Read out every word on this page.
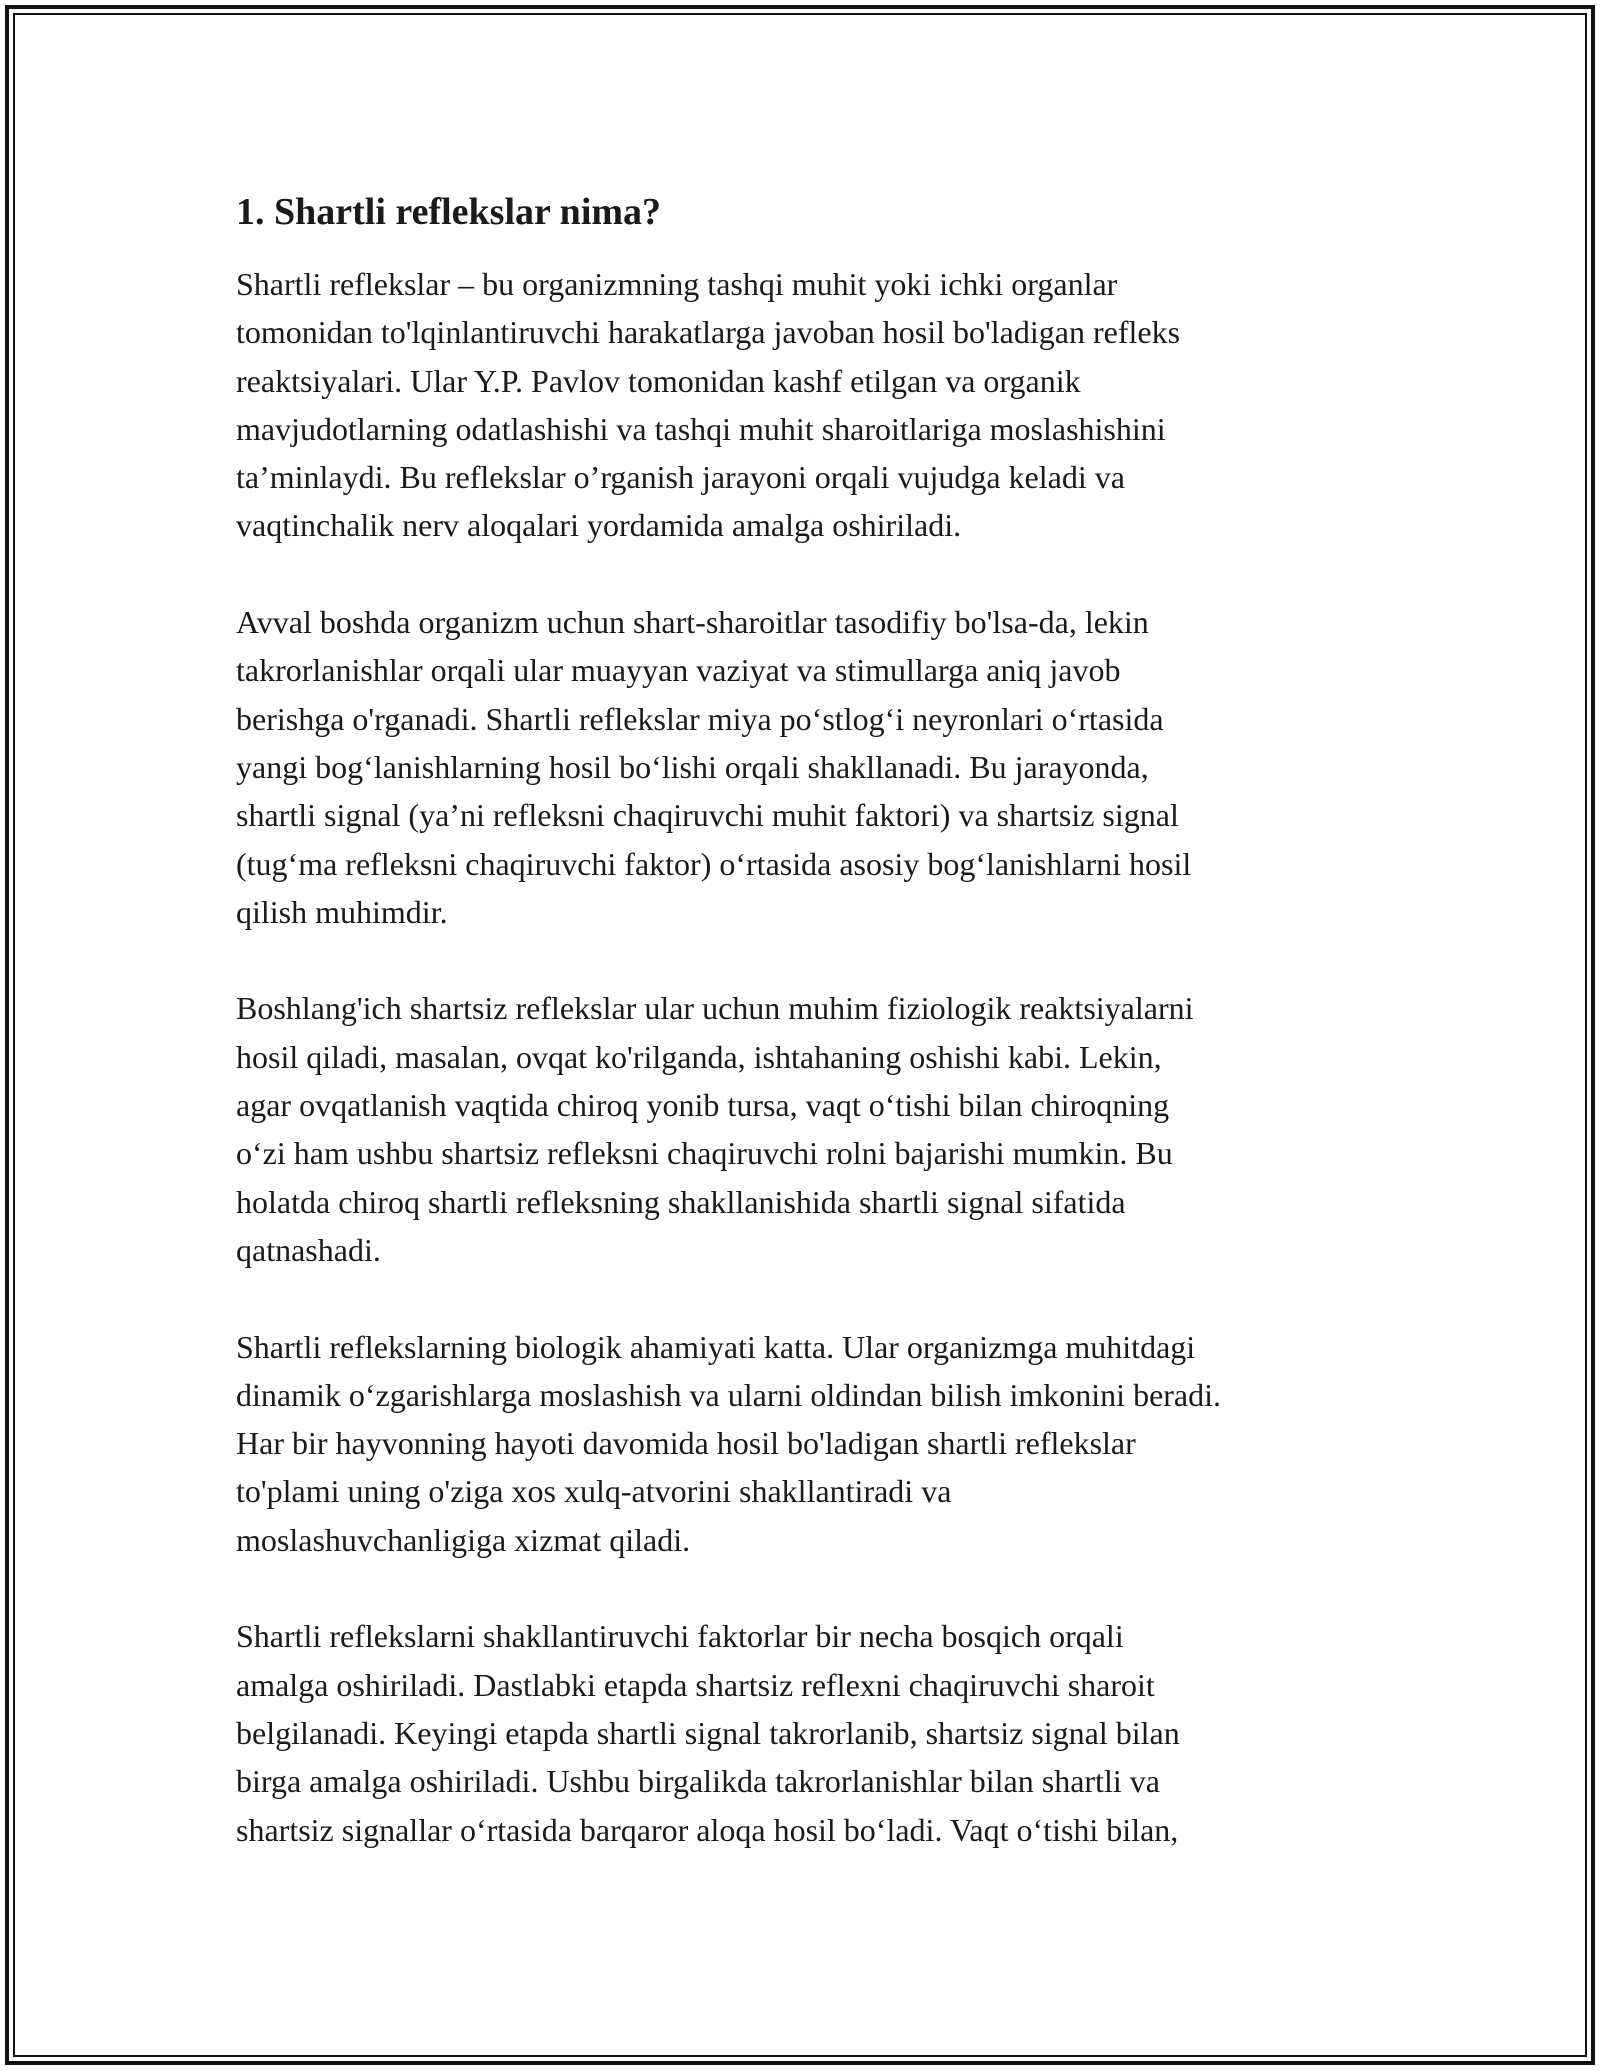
1. Shartli reflekslar nima?

Shartli reflekslar – bu organizmning tashqi muhit yoki ichki organlar
tomonidan to'lqinlantiruvchi harakatlarga javoban hosil bo'ladigan refleks
reaktsiyalari. Ular Y.P. Pavlov tomonidan kashf etilgan va organik
mavjudotlarning odatlashishi va tashqi muhit sharoitlariga moslashishini
ta’minlaydi. Bu reflekslar o’rganish jarayoni orqali vujudga keladi va
vaqtinchalik nerv aloqalari yordamida amalga oshiriladi.

Avval boshda organizm uchun shart-sharoitlar tasodifiy bo'lsa-da, lekin
takrorlanishlar orqali ular muayyan vaziyat va stimullarga aniq javob
berishga o'rganadi. Shartli reflekslar miya po‘stlog‘i neyronlari o‘rtasida
yangi bog‘lanishlarning hosil bo‘lishi orqali shakllanadi. Bu jarayonda,
shartli signal (ya’ni refleksni chaqiruvchi muhit faktori) va shartsiz signal
(tug‘ma refleksni chaqiruvchi faktor) o‘rtasida asosiy bog‘lanishlarni hosil
qilish muhimdir.

Boshlang'ich shartsiz reflekslar ular uchun muhim fiziologik reaktsiyalarni
hosil qiladi, masalan, ovqat ko'rilganda, ishtahaning oshishi kabi. Lekin,
agar ovqatlanish vaqtida chiroq yonib tursa, vaqt o‘tishi bilan chiroqning
o‘zi ham ushbu shartsiz refleksni chaqiruvchi rolni bajarishi mumkin. Bu
holatda chiroq shartli refleksning shakllanishida shartli signal sifatida
qatnashadi.

Shartli reflekslarning biologik ahamiyati katta. Ular organizmga muhitdagi
dinamik o‘zgarishlarga moslashish va ularni oldindan bilish imkonini beradi.
Har bir hayvonning hayoti davomida hosil bo'ladigan shartli reflekslar
to'plami uning o'ziga xos xulq-atvorini shakllantiradi va
moslashuvchanligiga xizmat qiladi.

Shartli reflekslarni shakllantiruvchi faktorlar bir necha bosqich orqali
amalga oshiriladi. Dastlabki etapda shartsiz reflexni chaqiruvchi sharoit
belgilanadi. Keyingi etapda shartli signal takrorlanib, shartsiz signal bilan
birga amalga oshiriladi. Ushbu birgalikda takrorlanishlar bilan shartli va
shartsiz signallar o‘rtasida barqaror aloqa hosil bo‘ladi. Vaqt o‘tishi bilan,
